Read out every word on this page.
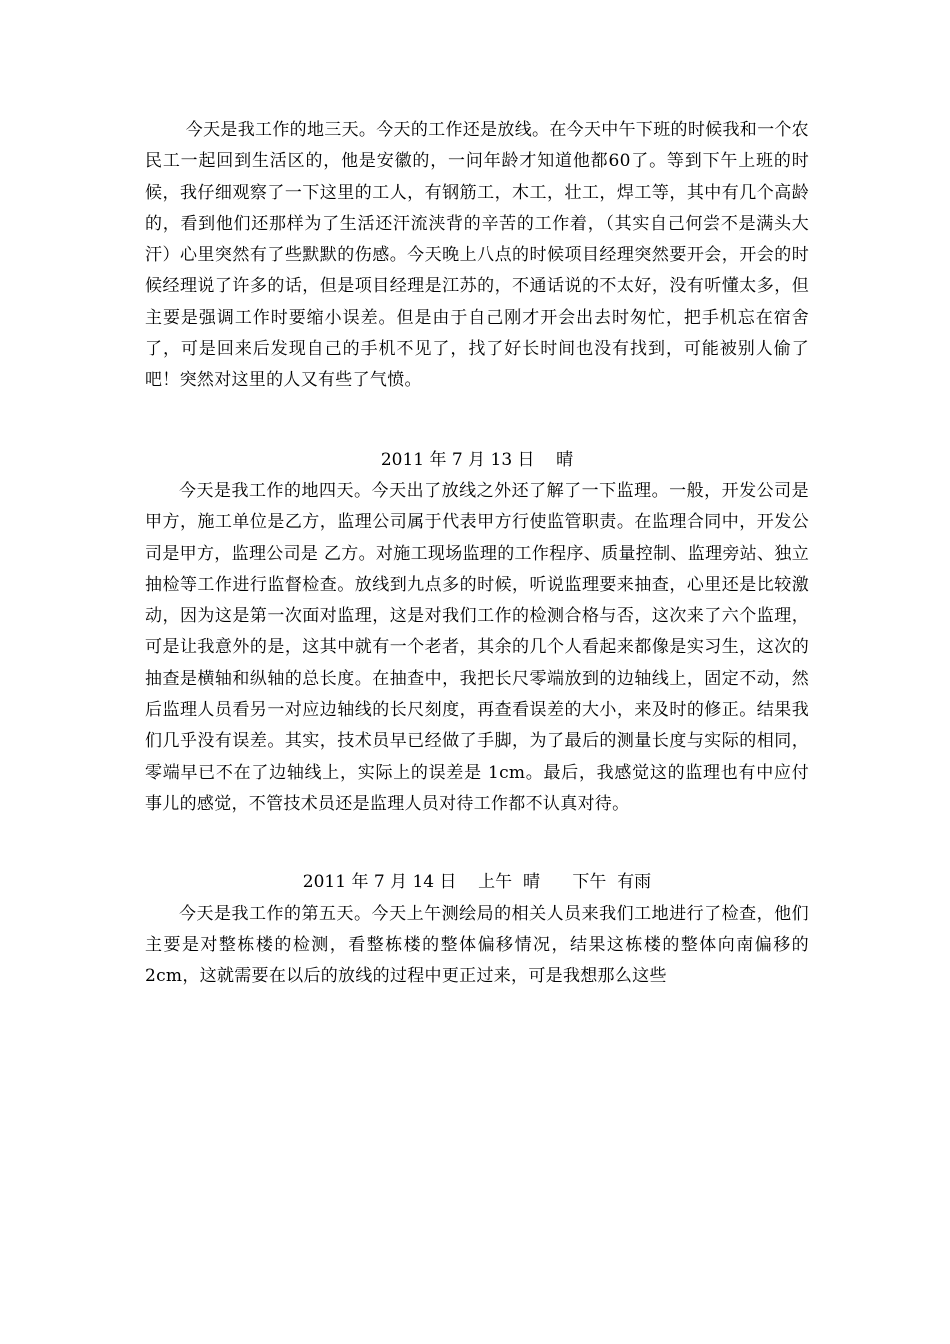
今天是我工作的地三天。今天的工作还是放线。在今天中午下班的时候我和一个农民工一起回到生活区的，他是安徽的，一问年龄才知道他都60了。等到下午上班的时候，我仔细观察了一下这里的工人，有钢筋工，木工，壮工，焊工等，其中有几个高龄的，看到他们还那样为了生活还汗流浃背的辛苦的工作着，（其实自己何尝不是满头大汗）心里突然有了些默默的伤感。今天晚上八点的时候项目经理突然要开会，开会的时候经理说了许多的话，但是项目经理是江苏的，不通话说的不太好，没有听懂太多，但主要是强调工作时要缩小误差。但是由于自己刚才开会出去时匆忙，把手机忘在宿舍了，可是回来后发现自己的手机不见了，找了好长时间也没有找到，可能被别人偷了吧！突然对这里的人又有些了气愤。

2011 年 7 月 13 日    晴

今天是我工作的地四天。今天出了放线之外还了解了一下监理。一般，开发公司是甲方，施工单位是乙方，监理公司属于代表甲方行使监管职责。在监理合同中，开发公司是甲方，监理公司是 乙方。对施工现场监理的工作程序、质量控制、监理旁站、独立抽检等工作进行监督检查。放线到九点多的时候，听说监理要来抽查，心里还是比较激动，因为这是第一次面对监理，这是对我们工作的检测合格与否，这次来了六个监理，可是让我意外的是，这其中就有一个老者，其余的几个人看起来都像是实习生，这次的抽查是横轴和纵轴的总长度。在抽查中，我把长尺零端放到的边轴线上，固定不动，然后监理人员看另一对应边轴线的长尺刻度，再查看误差的大小，来及时的修正。结果我们几乎没有误差。其实，技术员早已经做了手脚，为了最后的测量长度与实际的相同，零端早已不在了边轴线上，实际上的误差是 1cm。最后，我感觉这的监理也有中应付事儿的感觉，不管技术员还是监理人员对待工作都不认真对待。

2011 年 7 月 14 日    上午  晴      下午  有雨

今天是我工作的第五天。今天上午测绘局的相关人员来我们工地进行了检查，他们主要是对整栋楼的检测，看整栋楼的整体偏移情况，结果这栋楼的整体向南偏移的 2cm，这就需要在以后的放线的过程中更正过来，可是我想那么这些
